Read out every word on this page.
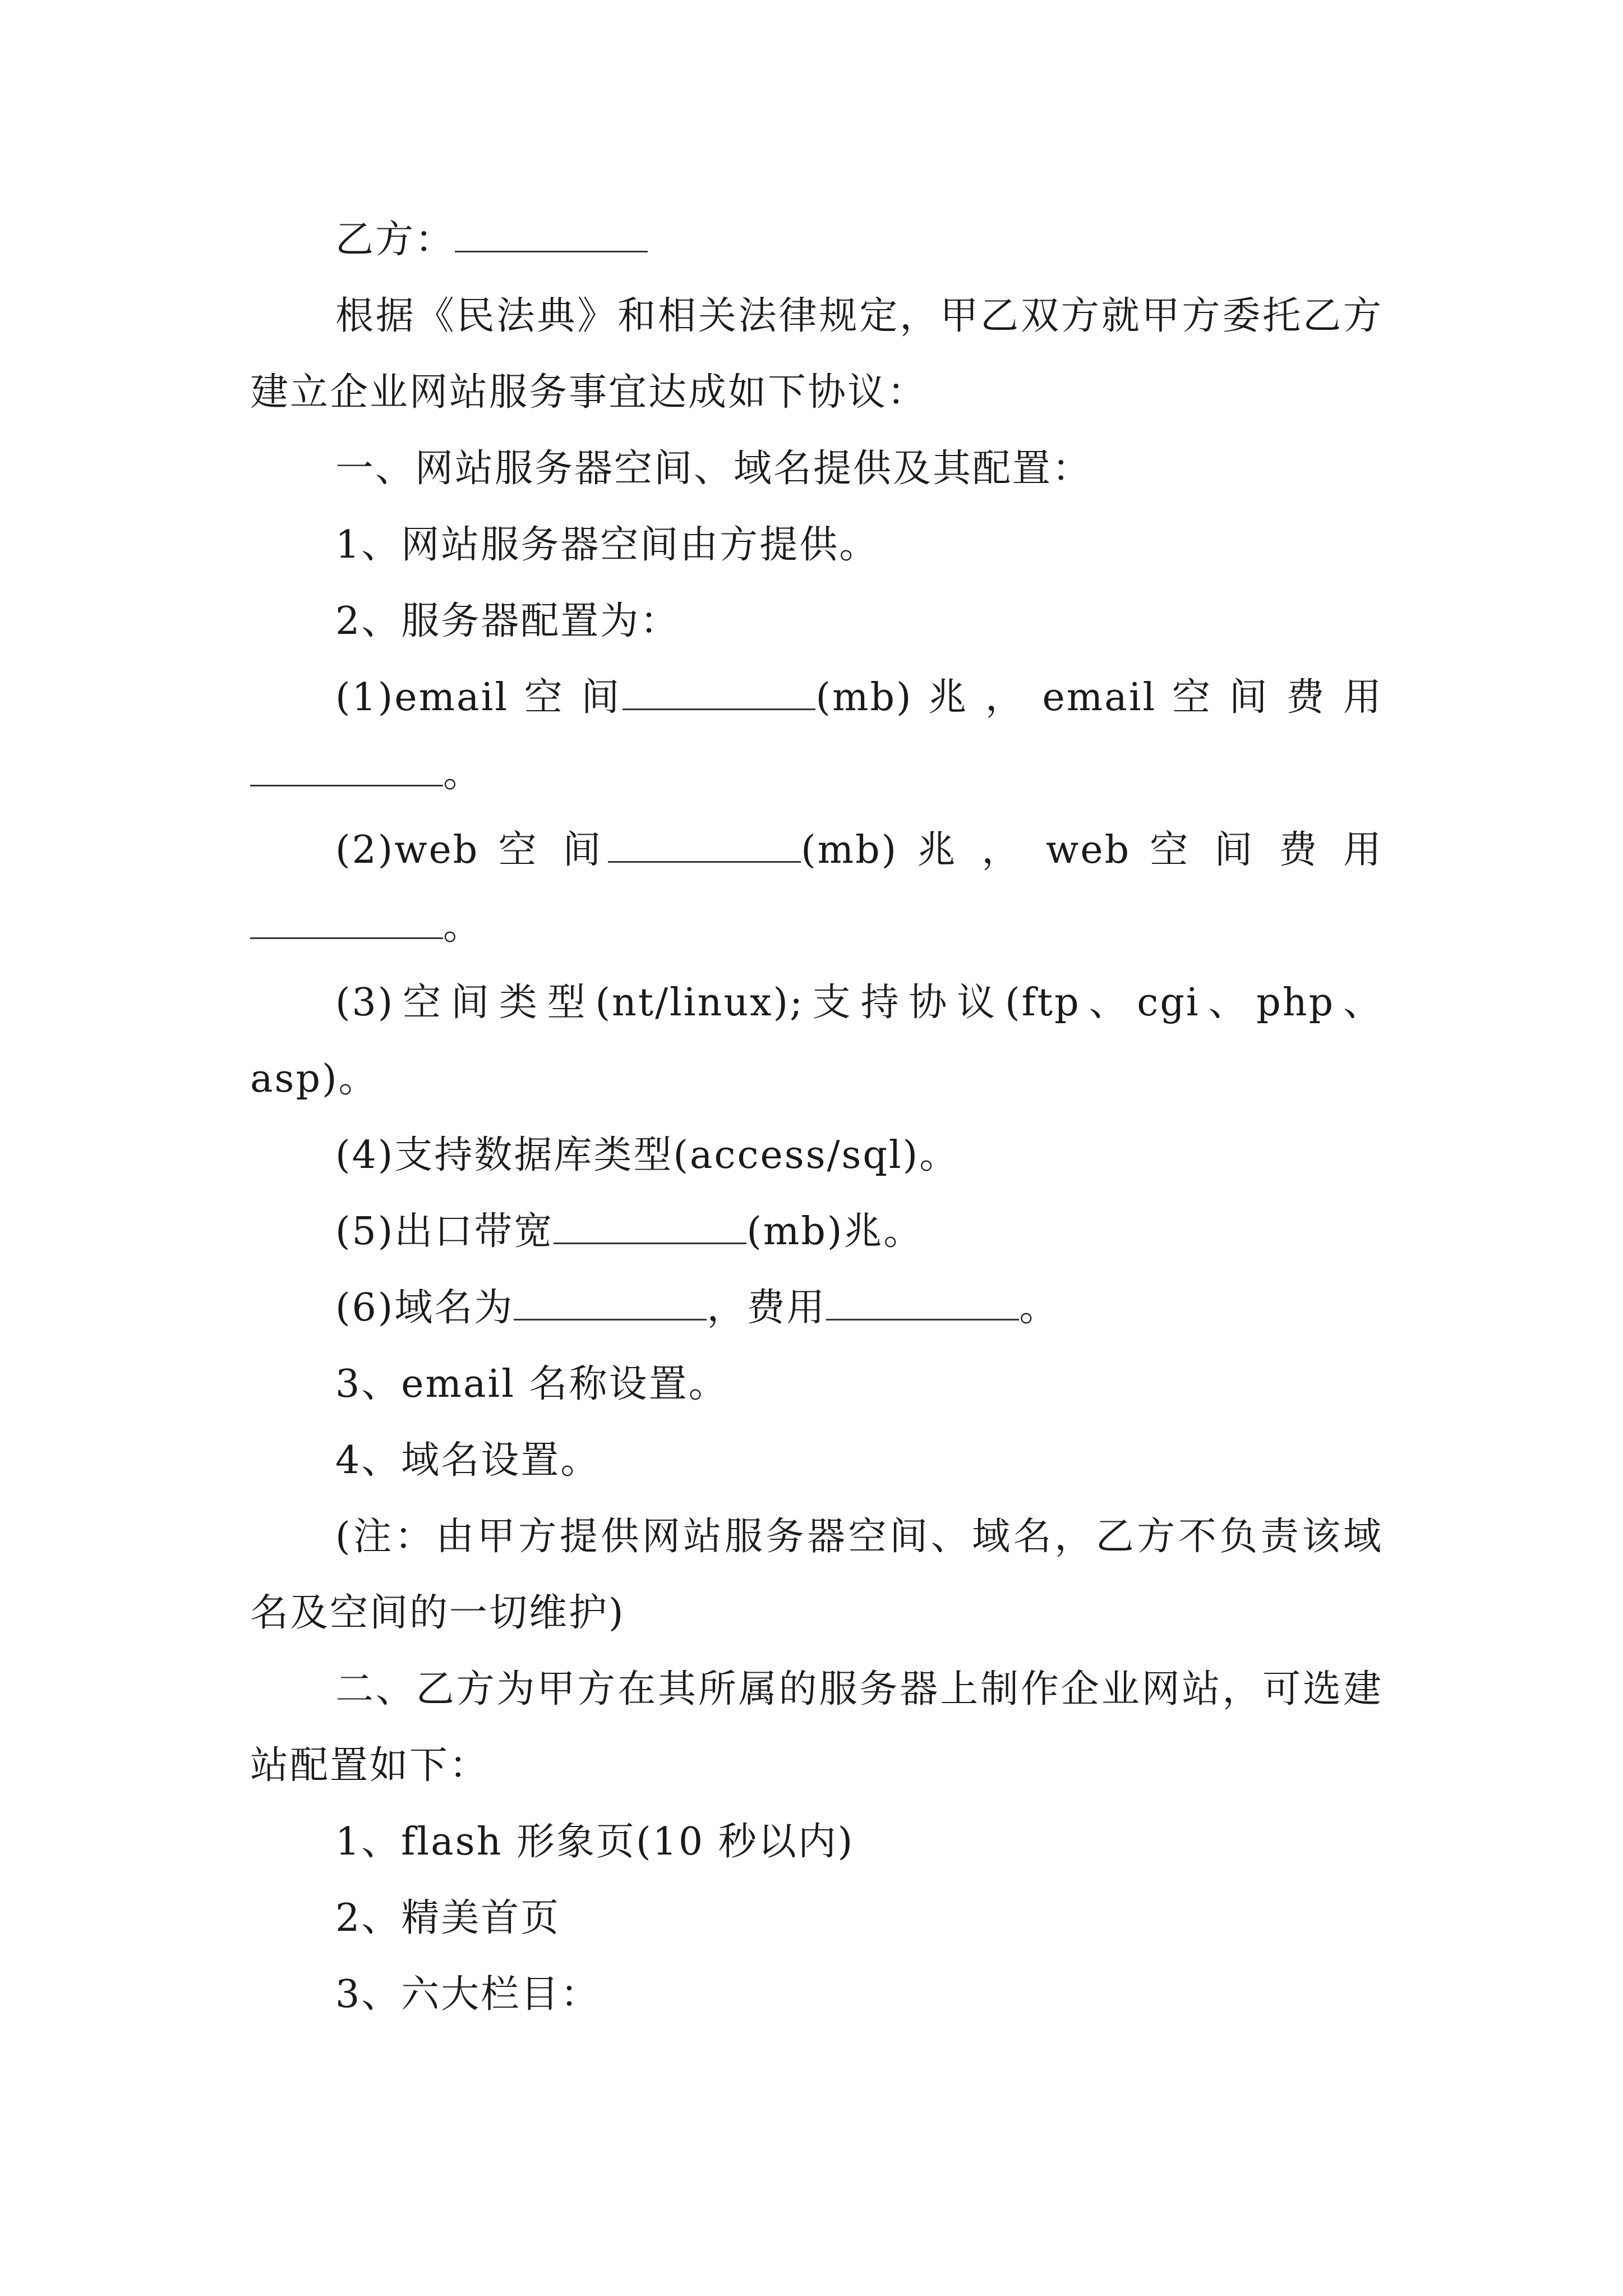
乙方：

根据《民法典》和相关法律规定，甲乙双方就甲方委托乙方建立企业网站服务事宜达成如下协议：

一、网站服务器空间、域名提供及其配置：

1、网站服务器空间由方提供。

2、服务器配置为：

(1)email 空 间	(mb) 兆 ， email 空 间 费 用

。

(2)web 空 间	(mb) 兆 ， web 空 间 费 用

。

(3)空间类型(nt/linux);支持协议(ftp、cgi、php、asp)。

(4)支持数据库类型(access/sql)。

(5)出口带宽	(mb)兆。

(6)域名为	，费用	。

3、email 名称设置。

4、域名设置。

(注：由甲方提供网站服务器空间、域名，乙方不负责该域名及空间的一切维护)

二、乙方为甲方在其所属的服务器上制作企业网站，可选建站配置如下：

1、flash 形象页(10 秒以内)

2、精美首页

3、六大栏目：
